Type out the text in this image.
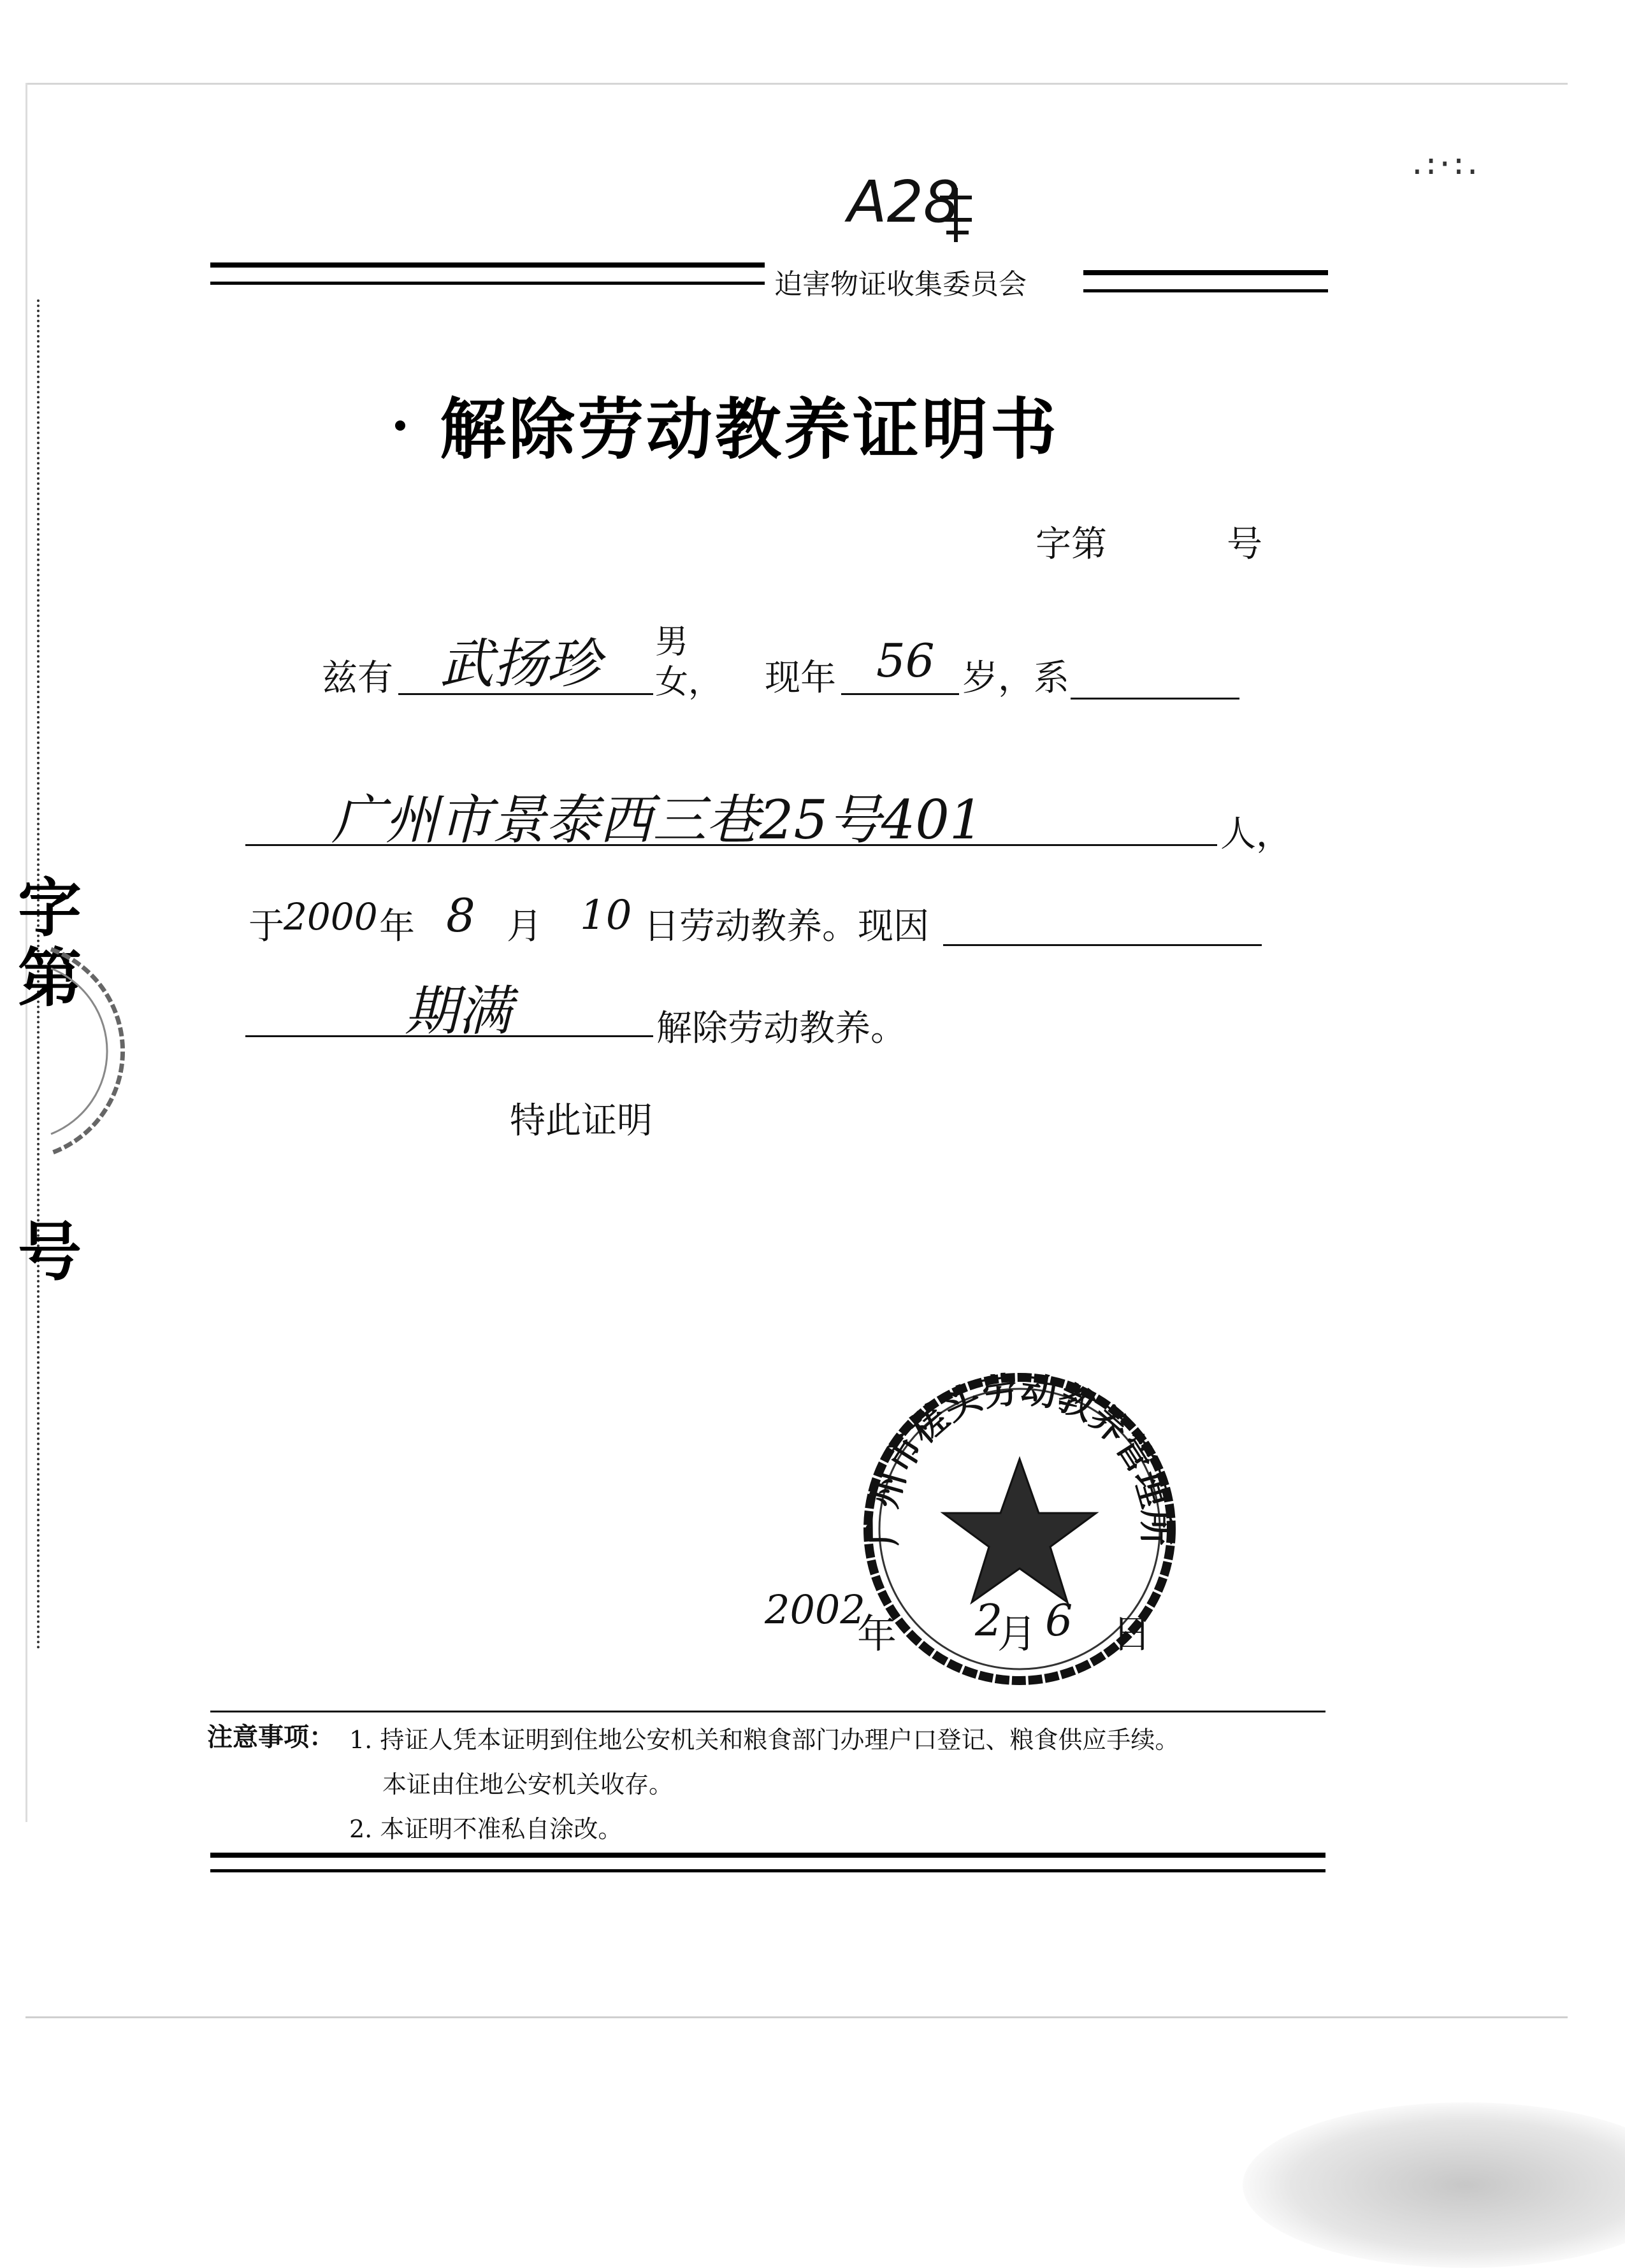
.:·:.
字
第
号
A28
迫害物证收集委员会
解除劳动教养证明书
字第	号
兹有 武扬珍 男
女， 现年 56 岁，系
广州市景泰西三巷25号401	人，
于 2000 年 8 月 10 日劳动教养。现因
期满	解除劳动教养。
特此证明
广州市槎头劳动教养管理所
2002
年 2
月 6 日
注意事项： 1. 持证人凭本证明到住地公安机关和粮食部门办理户口登记、粮食供应手续。
本证由住地公安机关收存。
2. 本证明不准私自涂改。
